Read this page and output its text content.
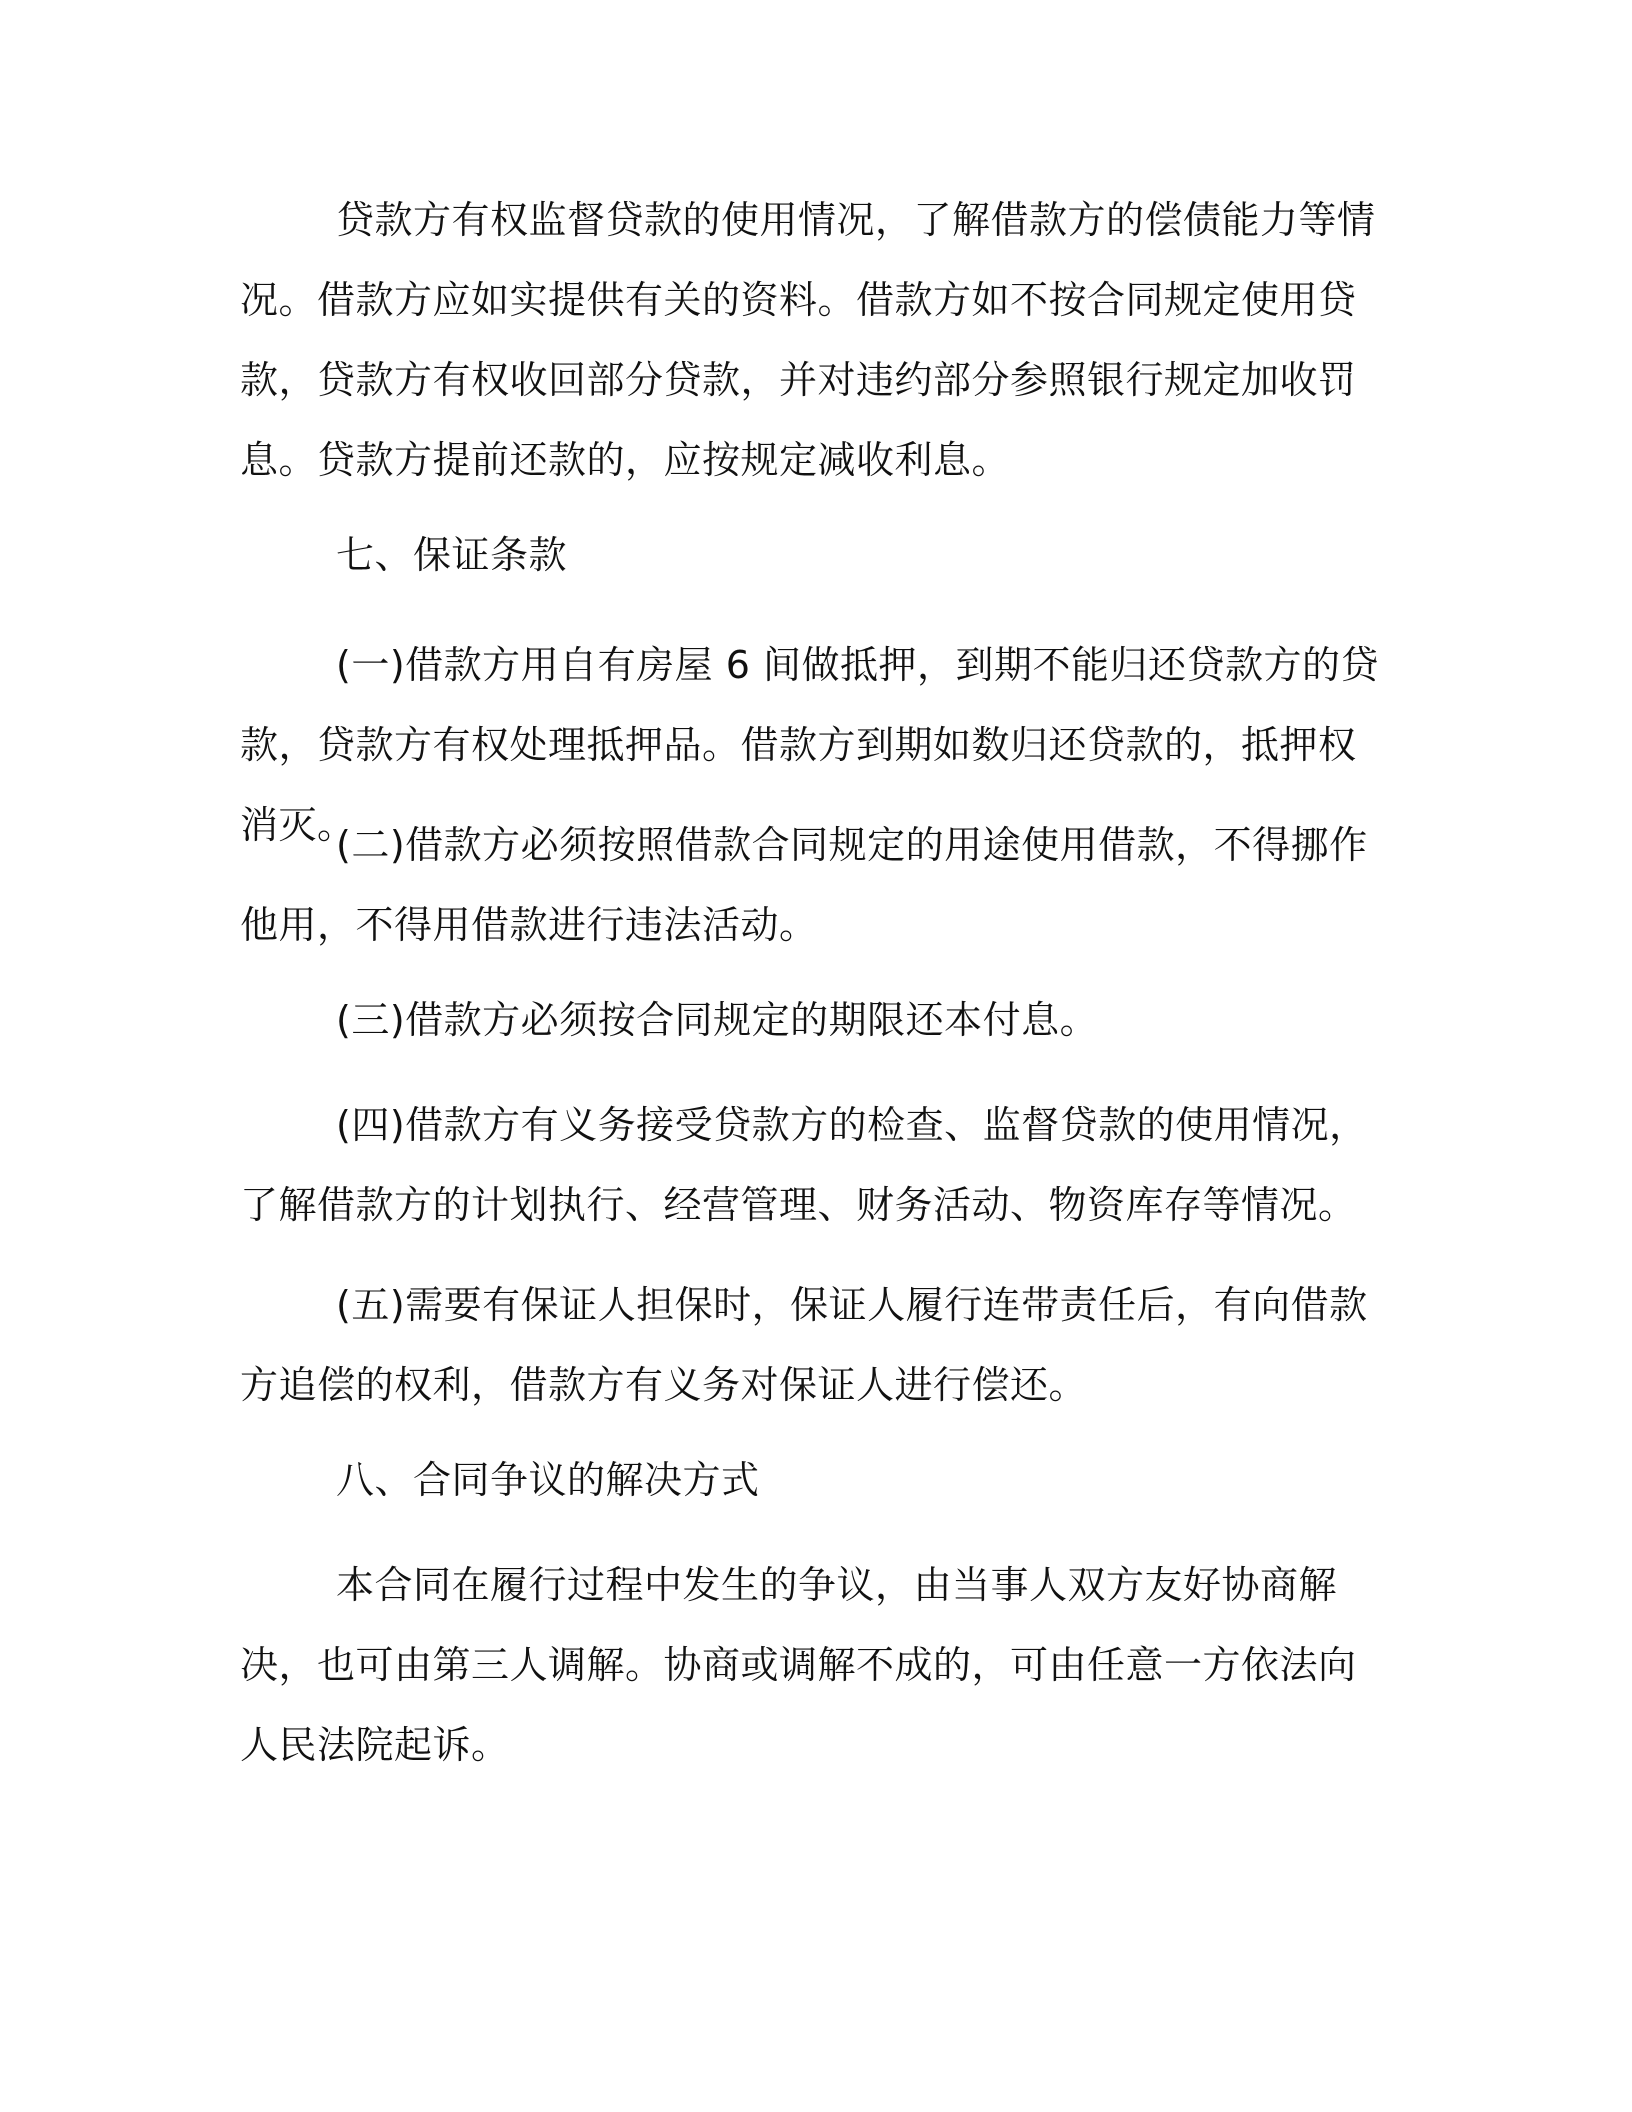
贷款方有权监督贷款的使用情况，了解借款方的偿债能力等情况。借款方应如实提供有关的资料。借款方如不按合同规定使用贷款，贷款方有权收回部分贷款，并对违约部分参照银行规定加收罚息。贷款方提前还款的，应按规定减收利息。

七、保证条款

(一)借款方用自有房屋 6 间做抵押，到期不能归还贷款方的贷款，贷款方有权处理抵押品。借款方到期如数归还贷款的，抵押权消灭。

(二)借款方必须按照借款合同规定的用途使用借款，不得挪作他用，不得用借款进行违法活动。

(三)借款方必须按合同规定的期限还本付息。

(四)借款方有义务接受贷款方的检查、监督贷款的使用情况，了解借款方的计划执行、经营管理、财务活动、物资库存等情况。

(五)需要有保证人担保时，保证人履行连带责任后，有向借款方追偿的权利，借款方有义务对保证人进行偿还。

八、合同争议的解决方式

本合同在履行过程中发生的争议，由当事人双方友好协商解决，也可由第三人调解。协商或调解不成的，可由任意一方依法向人民法院起诉。
